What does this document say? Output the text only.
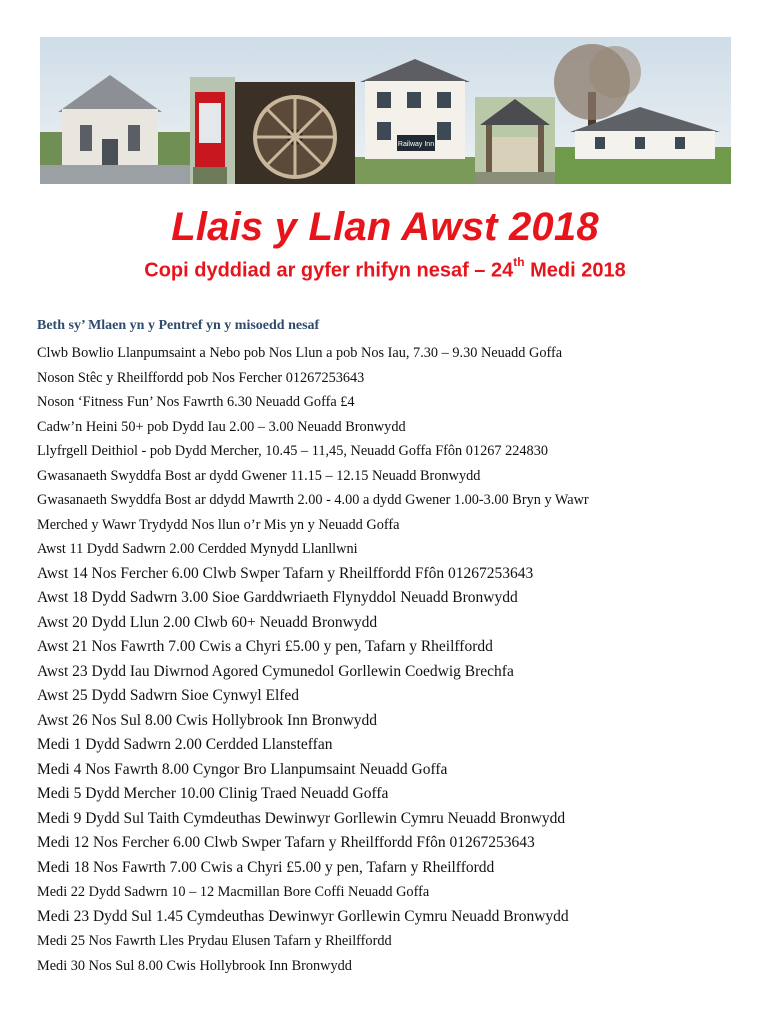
Railway Inn
Llais y Llan Awst 2018
Copi dyddiad ar gyfer rhifyn nesaf – 24th Medi 2018
Beth sy’ Mlaen yn y Pentref yn y misoedd nesaf
Clwb Bowlio Llanpumsaint a Nebo pob Nos Llun a pob Nos Iau, 7.30 – 9.30 Neuadd Goffa
Noson Stêc y Rheilffordd pob Nos Fercher 01267253643
Noson ‘Fitness Fun’ Nos Fawrth 6.30 Neuadd Goffa £4
Cadw’n Heini 50+ pob Dydd Iau 2.00 – 3.00 Neuadd Bronwydd
Llyfrgell Deithiol - pob Dydd Mercher, 10.45 – 11,45, Neuadd Goffa Ffôn 01267 224830
Gwasanaeth Swyddfa Bost ar dydd Gwener 11.15 – 12.15 Neuadd Bronwydd
Gwasanaeth Swyddfa Bost ar ddydd Mawrth 2.00 - 4.00 a dydd Gwener 1.00-3.00 Bryn y Wawr
Merched y Wawr Trydydd Nos llun o’r Mis yn y Neuadd Goffa
Awst 11 Dydd Sadwrn 2.00 Cerdded Mynydd Llanllwni
Awst 14 Nos Fercher 6.00 Clwb Swper Tafarn y Rheilffordd Ffôn 01267253643
Awst 18 Dydd Sadwrn 3.00 Sioe Garddwriaeth Flynyddol Neuadd Bronwydd
Awst 20 Dydd Llun 2.00 Clwb 60+ Neuadd Bronwydd
Awst 21 Nos Fawrth 7.00 Cwis a Chyri £5.00 y pen, Tafarn y Rheilffordd
Awst 23 Dydd Iau Diwrnod Agored Cymunedol Gorllewin Coedwig Brechfa
Awst 25 Dydd Sadwrn Sioe Cynwyl Elfed
Awst 26 Nos Sul 8.00 Cwis Hollybrook Inn Bronwydd
Medi 1 Dydd Sadwrn 2.00 Cerdded Llansteffan
Medi 4 Nos Fawrth 8.00 Cyngor Bro Llanpumsaint Neuadd Goffa
Medi 5 Dydd Mercher 10.00 Clinig Traed Neuadd Goffa
Medi 9 Dydd Sul Taith Cymdeuthas Dewinwyr Gorllewin Cymru Neuadd Bronwydd
Medi 12 Nos Fercher 6.00 Clwb Swper Tafarn y Rheilffordd Ffôn 01267253643
Medi 18 Nos Fawrth 7.00 Cwis a Chyri £5.00 y pen, Tafarn y Rheilffordd
Medi 22 Dydd Sadwrn 10 – 12 Macmillan Bore Coffi Neuadd Goffa
Medi 23 Dydd Sul 1.45 Cymdeuthas Dewinwyr Gorllewin Cymru Neuadd Bronwydd
Medi 25 Nos Fawrth Lles Prydau Elusen Tafarn y Rheilffordd
Medi 30 Nos Sul 8.00 Cwis Hollybrook Inn Bronwydd
